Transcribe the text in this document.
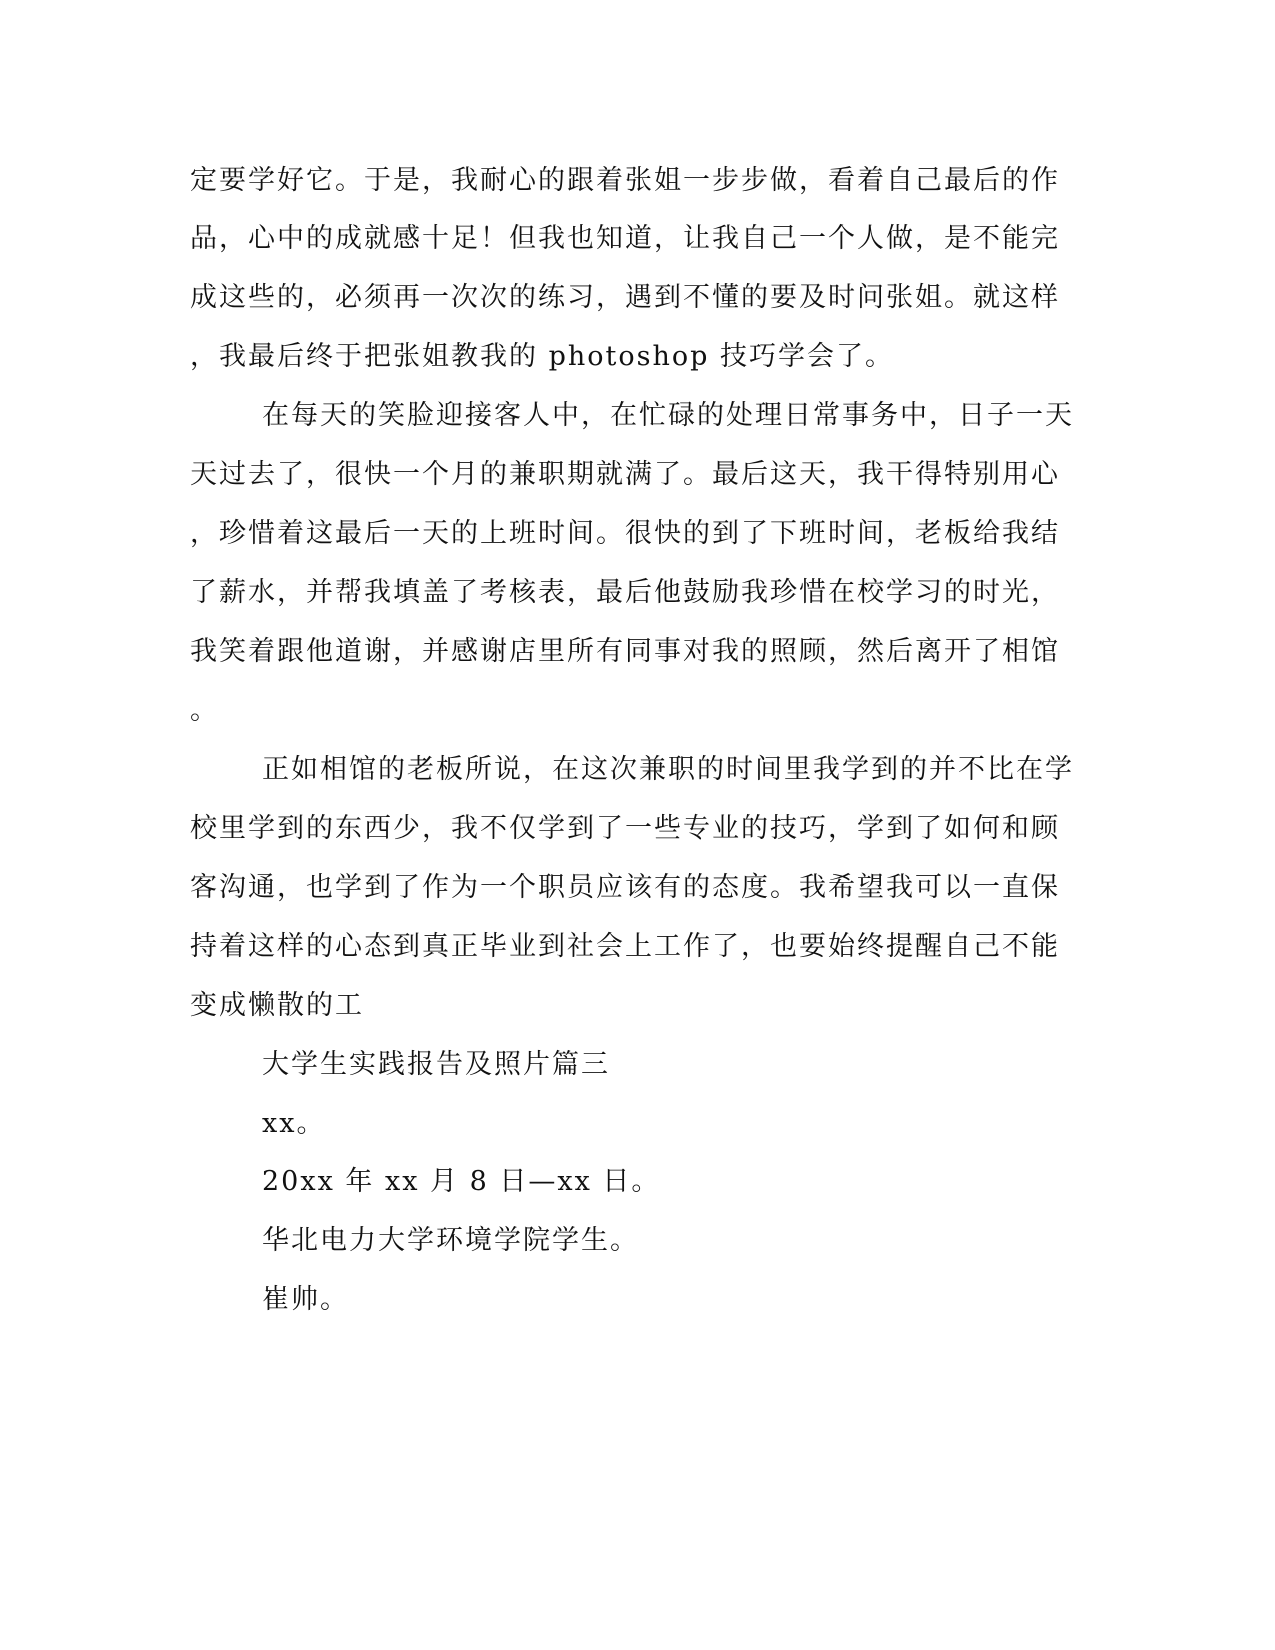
定要学好它。于是，我耐心的跟着张姐一步步做，看着自己最后的作
品，心中的成就感十足！但我也知道，让我自己一个人做，是不能完
成这些的，必须再一次次的练习，遇到不懂的要及时问张姐。就这样
，我最后终于把张姐教我的 photoshop 技巧学会了。
在每天的笑脸迎接客人中，在忙碌的处理日常事务中，日子一天
天过去了，很快一个月的兼职期就满了。最后这天，我干得特别用心
，珍惜着这最后一天的上班时间。很快的到了下班时间，老板给我结
了薪水，并帮我填盖了考核表，最后他鼓励我珍惜在校学习的时光，
我笑着跟他道谢，并感谢店里所有同事对我的照顾，然后离开了相馆
。
正如相馆的老板所说，在这次兼职的时间里我学到的并不比在学
校里学到的东西少，我不仅学到了一些专业的技巧，学到了如何和顾
客沟通，也学到了作为一个职员应该有的态度。我希望我可以一直保
持着这样的心态到真正毕业到社会上工作了，也要始终提醒自己不能
变成懒散的工
大学生实践报告及照片篇三
xx。
20xx 年 xx 月 8 日—xx 日。
华北电力大学环境学院学生。
崔帅。
